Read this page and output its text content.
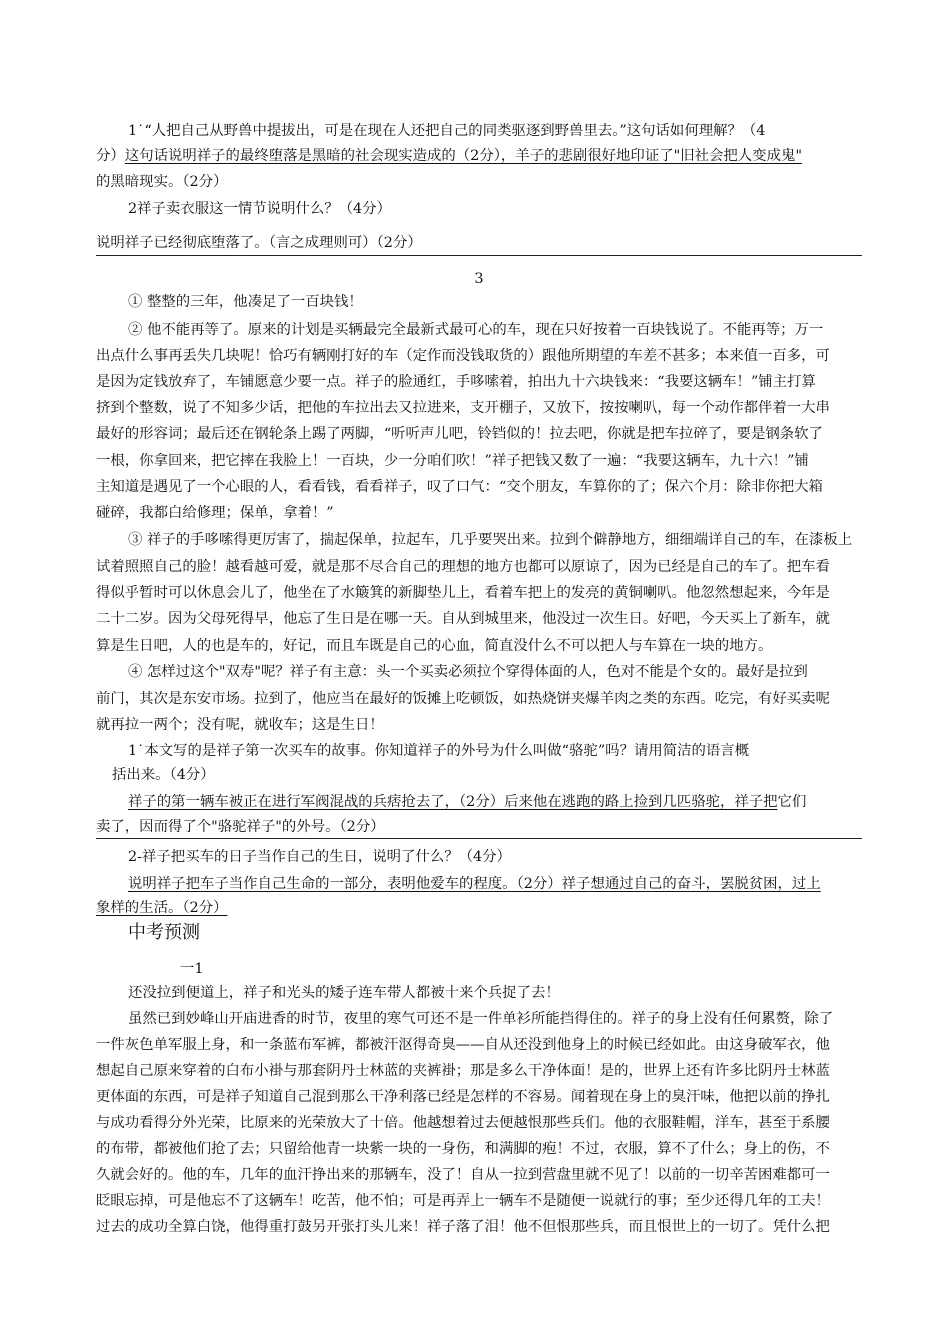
1˙“人把自己从野兽中提拔出，可是在现在人还把自己的同类驱逐到野兽里去。”这句话如何理解？（4
分）这句话说明祥子的最终堕落是黑暗的社会现实造成的（2分），羊子的悲剧很好地印证了"旧社会把人变成鬼"
的黑暗现实。（2分）
2祥子卖衣服这一情节说明什么？（4分）
说明祥子已经彻底堕落了。（言之成理则可）（2分）
3
① 整整的三年，他凑足了一百块钱！
② 他不能再等了。原来的计划是买辆最完全最新式最可心的车，现在只好按着一百块钱说了。不能再等；万一
出点什么事再丢失几块呢！恰巧有辆刚打好的车（定作而没钱取货的）跟他所期望的车差不甚多；本来值一百多，可
是因为定钱放弃了，车铺愿意少要一点。祥子的脸通红，手哆嗦着，拍出九十六块钱来：“我要这辆车！”铺主打算
挤到个整数，说了不知多少话，把他的车拉出去又拉进来，支开棚子，又放下，按按喇叭，每一个动作都伴着一大串
最好的形容词；最后还在钢轮条上踢了两脚，“听听声儿吧，铃铛似的！拉去吧，你就是把车拉碎了，要是钢条软了
一根，你拿回来，把它摔在我脸上！一百块，少一分咱们吹！”祥子把钱又数了一遍：“我要这辆车，九十六！”铺
主知道是遇见了一个心眼的人，看看钱，看看祥子，叹了口气：“交个朋友，车算你的了；保六个月：除非你把大箱
碰碎，我都白给修理；保单，拿着！”
③ 祥子的手哆嗦得更厉害了，揣起保单，拉起车，几乎要哭出来。拉到个僻静地方，细细端详自己的车，在漆板上
试着照照自己的脸！越看越可爱，就是那不尽合自己的理想的地方也都可以原谅了，因为已经是自己的车了。把车看
得似乎暂时可以休息会儿了，他坐在了水簸箕的新脚垫儿上，看着车把上的发亮的黄铜喇叭。他忽然想起来，今年是
二十二岁。因为父母死得早，他忘了生日是在哪一天。自从到城里来，他没过一次生日。好吧，今天买上了新车，就
算是生日吧，人的也是车的，好记，而且车既是自己的心血，简直没什么不可以把人与车算在一块的地方。
④ 怎样过这个"双寿"呢？祥子有主意：头一个买卖必须拉个穿得体面的人，色对不能是个女的。最好是拉到
前门，其次是东安市场。拉到了，他应当在最好的饭摊上吃顿饭，如热烧饼夹爆羊肉之类的东西。吃完，有好买卖呢
就再拉一两个；没有呢，就收车；这是生日！
1˙本文写的是祥子第一次买车的故事。你知道祥子的外号为什么叫做“骆驼”吗？请用简洁的语言概
括出来。（4分）
祥子的第一辆车被正在进行军阀混战的兵痞抢去了，（2分）后来他在逃跑的路上捡到几匹骆驼，祥子把它们
卖了，因而得了个"骆驼祥子"的外号。（2分）
2-祥子把买车的日子当作自己的生日，说明了什么？（4分）
说明祥子把车子当作自己生命的一部分，表明他爱车的程度。（2分）祥子想通过自己的奋斗，罢脱贫困，过上
象样的生活。（2分）
中考预测
一1
还没拉到便道上，祥子和光头的矮子连车带人都被十来个兵捉了去！
虽然已到妙峰山开庙进香的时节，夜里的寒气可还不是一件单衫所能挡得住的。祥子的身上没有任何累赘，除了
一件灰色单军服上身，和一条蓝布军裤，都被汗沤得奇臭——自从还没到他身上的时候已经如此。由这身破军衣，他
想起自己原来穿着的白布小褂与那套阴丹士林蓝的夹裤褂；那是多么干净体面！是的，世界上还有许多比阴丹士林蓝
更体面的东西，可是祥子知道自己混到那么干净利落已经是怎样的不容易。闻着现在身上的臭汗味，他把以前的挣扎
与成功看得分外光荣，比原来的光荣放大了十倍。他越想着过去便越恨那些兵们。他的衣服鞋帽，洋车，甚至于系腰
的布带，都被他们抢了去；只留给他青一块紫一块的一身伤，和满脚的疱！不过，衣服，算不了什么；身上的伤，不
久就会好的。他的车，几年的血汗挣出来的那辆车，没了！自从一拉到营盘里就不见了！以前的一切辛苦困难都可一
眨眼忘掉，可是他忘不了这辆车！吃苦，他不怕；可是再弄上一辆车不是随便一说就行的事；至少还得几年的工夫！
过去的成功全算白饶，他得重打鼓另开张打头儿来！祥子落了泪！他不但恨那些兵，而且恨世上的一切了。凭什么把
